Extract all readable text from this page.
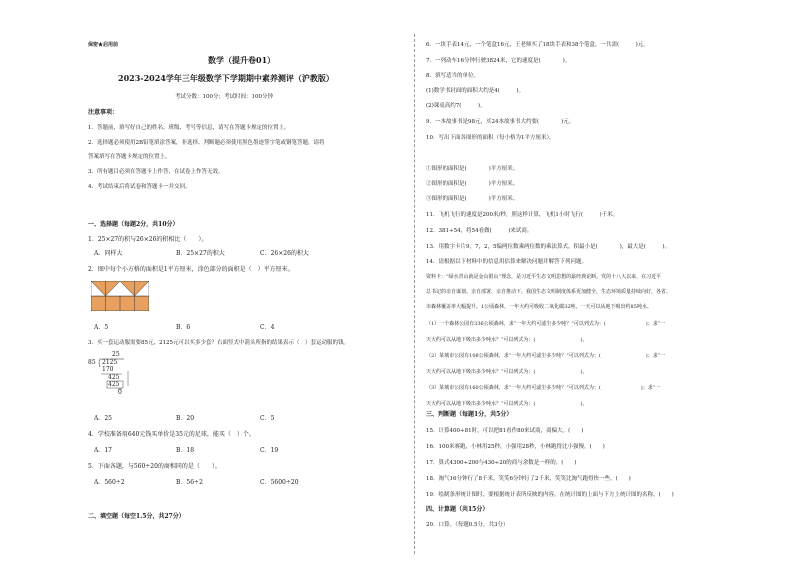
保密★启用前
数学（提升卷01）
2023-2024学年三年级数学下学期期中素养测评（沪教版）
考试分数：100分；考试时间：100分钟
注意事项：
1．答题前，填写好自己的姓名、班级、考号等信息，请写在答题卡规定的位置上。
2．选择题必须使用2B铅笔填涂答案，非选择、判断题必须使用黑色墨迹签字笔或钢笔答题，请将
答案填写在答题卡规定的位置上。
3．所有题目必须在答题卡上作答，在试卷上作答无效。
4．考试结束后将试卷和答题卡一并交回。
一、选择题（每题2分，共10分）
1．25×27的积与26×26的积相比（　　）。
A．同样大	B．25×27的积大	C．26×26的积大
2．图中每个小方格的面积是1平方厘米，涂色部分的面积是（　）平方厘米。
A．5	B．6	C．4
3．买一套运动服需要85元，2125元可以买多少套？右面竖式中箭头所指的结果表示（　）套运动服的钱。
25
85 2125
170
425
425
0
A．25	B．20	C．5
4．学校准备用640元钱买单价是35元的足球，能买（　）个。
A．17	B．18	C．19
5．下面各题，与560÷20的商相同的是（　　）。
A．560÷2	B．56÷2	C．5600÷20
二、填空题（每空1.5分，共27分）
6．一块手表14元，一个笔盒16元，王老师买了18块手表和38个笔盒，一共需(　　　)元。
7．一列动车16分钟行驶3824米，它的速度是(　　　　)。
8．填写适当的单位。
(1)数学书封面的面积大约是4(　　　)。
(2)课桌高约7(　　　)。
9．一本故事书是98元，买24本故事书大约要(　　　　)元。
10．写出下面各图形的面积（每小格为1平方厘米）。
①图形的面积是(　　　　)平方厘米。
②图形的面积是(　　　　)平方厘米。
③图形的面积是(　　　　)平方厘米。
11．飞机飞行的速度是200米/秒，照这样计算，飞机1小时飞行(　　　)千米。
12．381÷54，将54看做(　　　)来试商。
13．用数字卡片9，7，2，5编两位数乘两位数的乘法算式，积最小是(　　　　)，最大是(　　　)。
14．请根据以下材料中的信息用估算来解决问题并解答下列问题。
资料卡：“绿水青山就是金山银山”理念，是习近平生态文明思想的最经典论断。党的十八大以来，在习近平
总书记的亲自谋划、亲自部署、亲自推动下，我国生态文明制度体系更加健全，生态环境质量持续向好，各省、
市森林覆盖率大幅提升。1公顷森林，一年大约可吸收二氧化碳32吨，一天可以从地下吸出约85吨水。
（1）一个森林公园有336公顷森林，求“一年大约可滤尘多少吨？”可以列式为：(　　　　　　　　)；求“一
天大约可以从地下吸出多少吨水？”可以列式为：(　　　　　　　　　)。
（2）某城市公园有108公顷森林，求“一年大约可滤尘多少吨？”可以列式为：(　　　　　　　　　)；求“一
天大约可以从地下吸出多少吨水？”可以列式为：(　　　　　　　　　)。
（3）某城市公园有160公顷森林，求“一年大约可滤尘多少吨？”可以列式为：(　　　　　　　　)；求“一
天大约可以从地下吸出多少吨水？”可以列式为：(　　　　　　　　　)。
三、判断题（每题1分，共5分）
15．计算400÷81时，可以把81看作80来试商，商偏大。(　　)
16．100米赛跑，小林用25秒，小强用28秒，小林跑得比小强慢。(　　)
17．算式4300÷200与430÷20的商与余数是一样的。(　　)
18．淘气16分钟行了8千米，笑笑6分钟行了2千米，笑笑比淘气跑得快一些。(　　)
19．绘制条形统计图时，要根据统计表所反映的内容，在统计图的上面与下方上统计图的名称。(　　)
四、计算题（共15分）
20．口算。（每题0.5分，共3分）
